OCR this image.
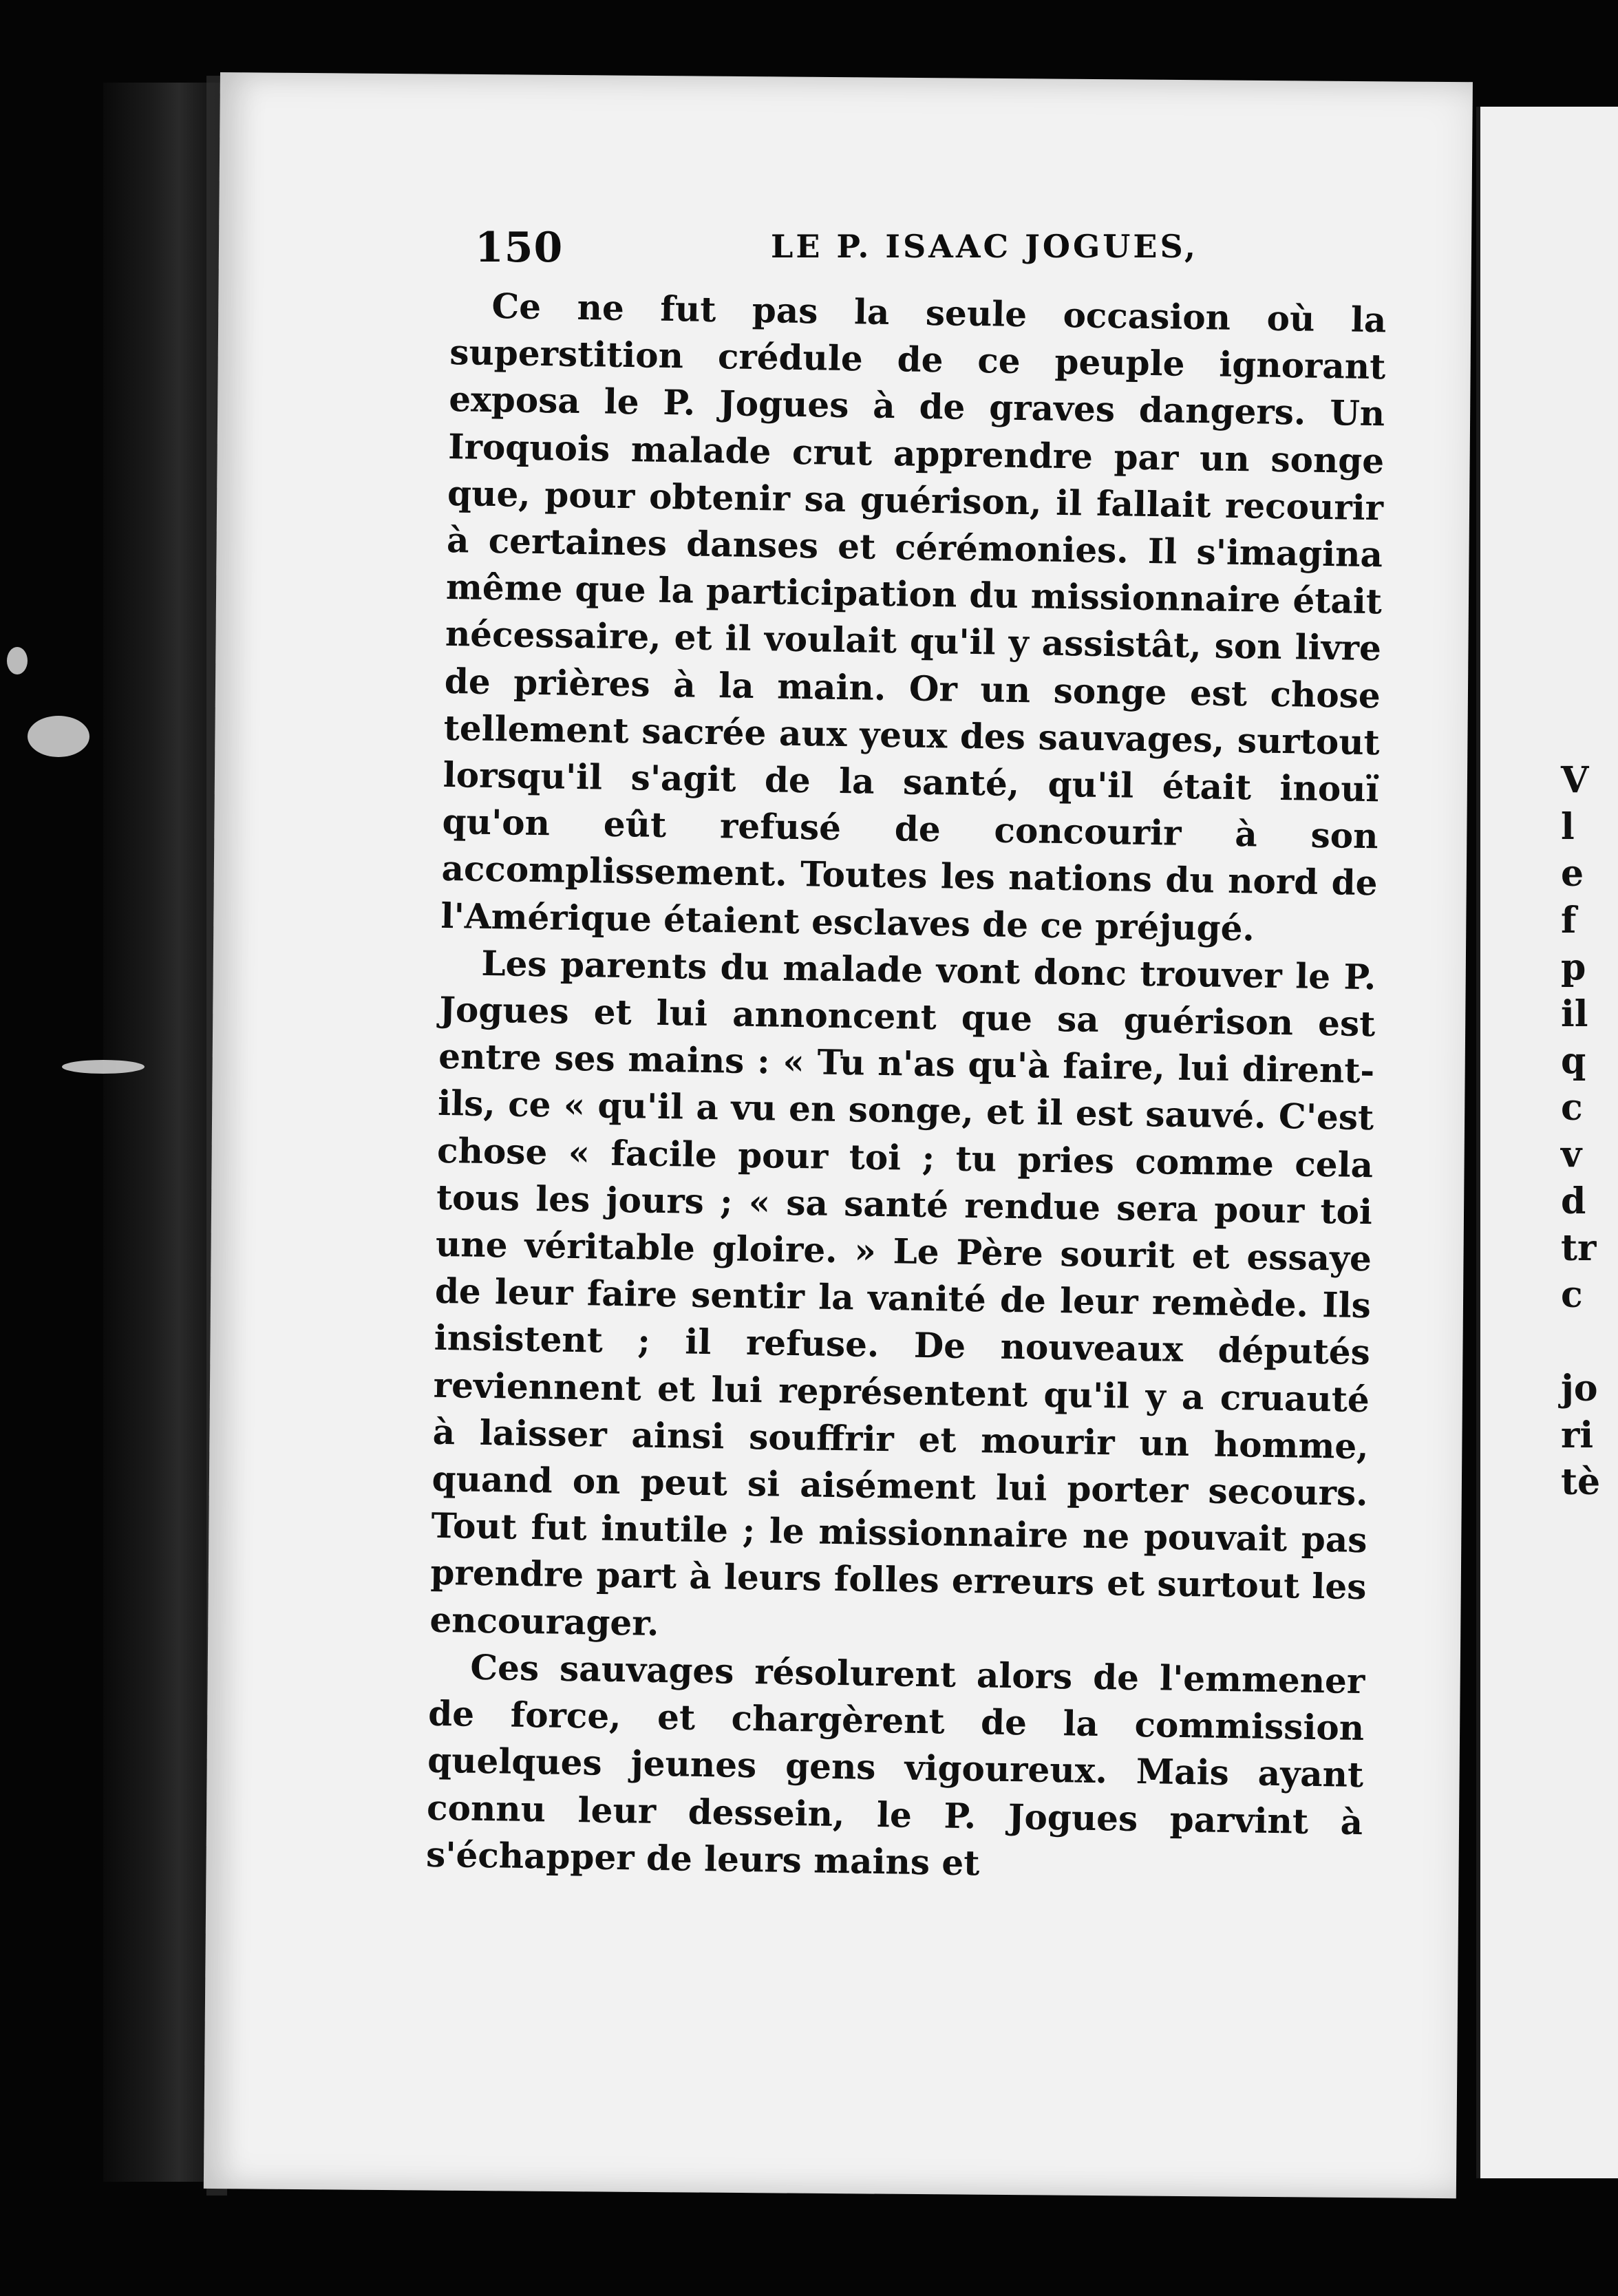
V
l
e
f
p
il
q
c
v
d
tr
c

jo
ri
tè
150	LE P. ISAAC JOGUES,

Ce ne fut pas la seule occasion où la superstition crédule de ce peuple ignorant exposa le P. Jogues à de graves dangers. Un Iroquois malade crut apprendre par un songe que, pour obtenir sa guérison, il fallait recourir à certaines danses et cérémonies. Il s'imagina même que la participation du missionnaire était nécessaire, et il voulait qu'il y assistât, son livre de prières à la main. Or un songe est chose tellement sacrée aux yeux des sauvages, surtout lorsqu'il s'agit de la santé, qu'il était inouï qu'on eût refusé de concourir à son accomplissement. Toutes les nations du nord de l'Amérique étaient esclaves de ce préjugé.

Les parents du malade vont donc trouver le P. Jogues et lui annoncent que sa guérison est entre ses mains : « Tu n'as qu'à faire, lui dirent-ils, ce « qu'il a vu en songe, et il est sauvé. C'est chose « facile pour toi ; tu pries comme cela tous les jours ; « sa santé rendue sera pour toi une véritable gloire. » Le Père sourit et essaye de leur faire sentir la vanité de leur remède. Ils insistent ; il refuse. De nouveaux députés reviennent et lui représentent qu'il y a cruauté à laisser ainsi souffrir et mourir un homme, quand on peut si aisément lui porter secours. Tout fut inutile ; le missionnaire ne pouvait pas prendre part à leurs folles erreurs et surtout les encourager.

Ces sauvages résolurent alors de l'emmener de force, et chargèrent de la commission quelques jeunes gens vigoureux. Mais ayant connu leur dessein, le P. Jogues parvint à s'échapper de leurs mains et
